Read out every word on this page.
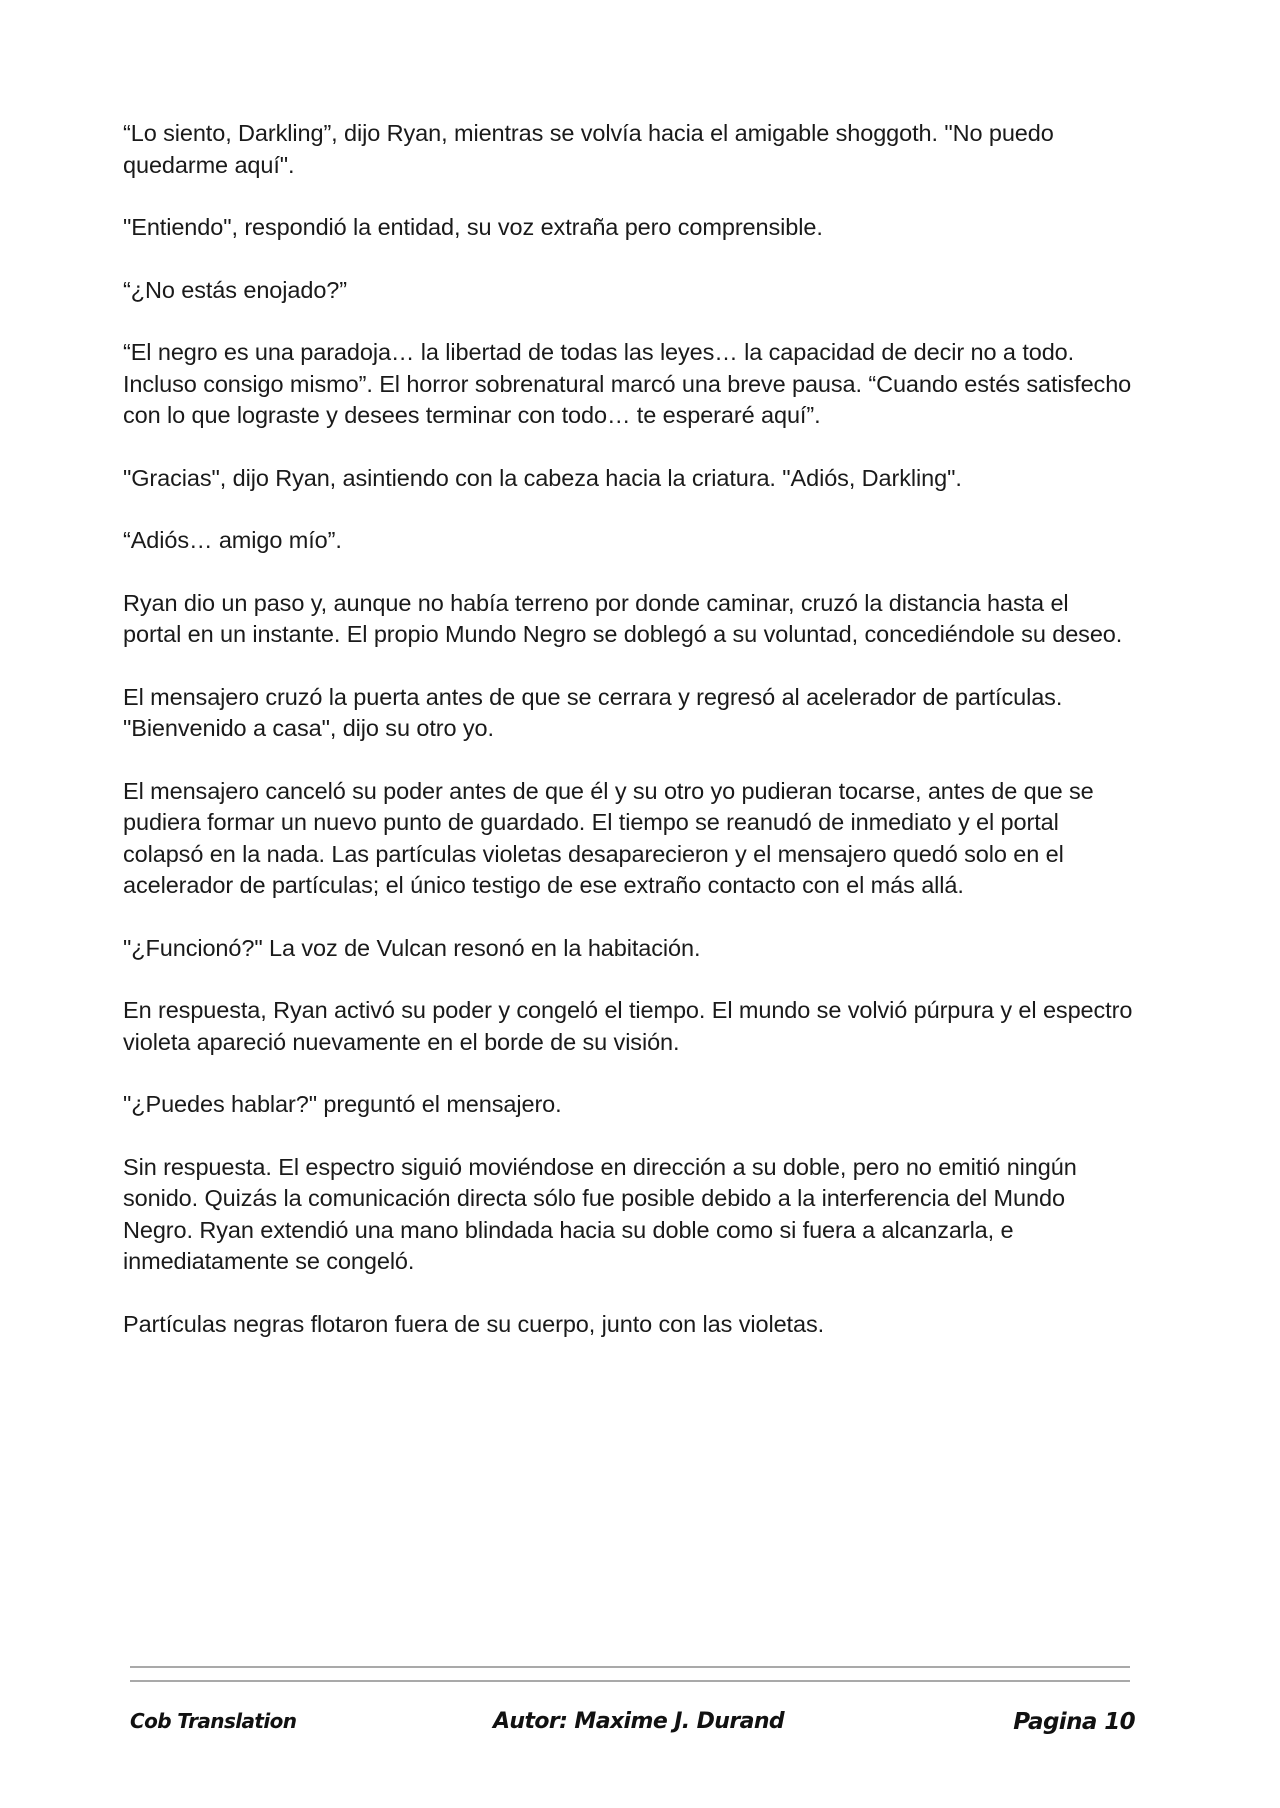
“Lo siento, Darkling”, dijo Ryan, mientras se volvía hacia el amigable shoggoth. "No puedo quedarme aquí".

"Entiendo", respondió la entidad, su voz extraña pero comprensible.

“¿No estás enojado?”

“El negro es una paradoja… la libertad de todas las leyes… la capacidad de decir no a todo. Incluso consigo mismo”. El horror sobrenatural marcó una breve pausa. “Cuando estés satisfecho con lo que lograste y desees terminar con todo… te esperaré aquí”.

"Gracias", dijo Ryan, asintiendo con la cabeza hacia la criatura. "Adiós, Darkling".

“Adiós… amigo mío”.

Ryan dio un paso y, aunque no había terreno por donde caminar, cruzó la distancia hasta el portal en un instante. El propio Mundo Negro se doblegó a su voluntad, concediéndole su deseo.

El mensajero cruzó la puerta antes de que se cerrara y regresó al acelerador de partículas. "Bienvenido a casa", dijo su otro yo.

El mensajero canceló su poder antes de que él y su otro yo pudieran tocarse, antes de que se pudiera formar un nuevo punto de guardado. El tiempo se reanudó de inmediato y el portal colapsó en la nada. Las partículas violetas desaparecieron y el mensajero quedó solo en el acelerador de partículas; el único testigo de ese extraño contacto con el más allá.

"¿Funcionó?" La voz de Vulcan resonó en la habitación.

En respuesta, Ryan activó su poder y congeló el tiempo. El mundo se volvió púrpura y el espectro violeta apareció nuevamente en el borde de su visión.

"¿Puedes hablar?" preguntó el mensajero.

Sin respuesta. El espectro siguió moviéndose en dirección a su doble, pero no emitió ningún sonido. Quizás la comunicación directa sólo fue posible debido a la interferencia del Mundo Negro. Ryan extendió una mano blindada hacia su doble como si fuera a alcanzarla, e inmediatamente se congeló.

Partículas negras flotaron fuera de su cuerpo, junto con las violetas.

Cob Translation	Autor: Maxime J. Durand	Pagina 10
